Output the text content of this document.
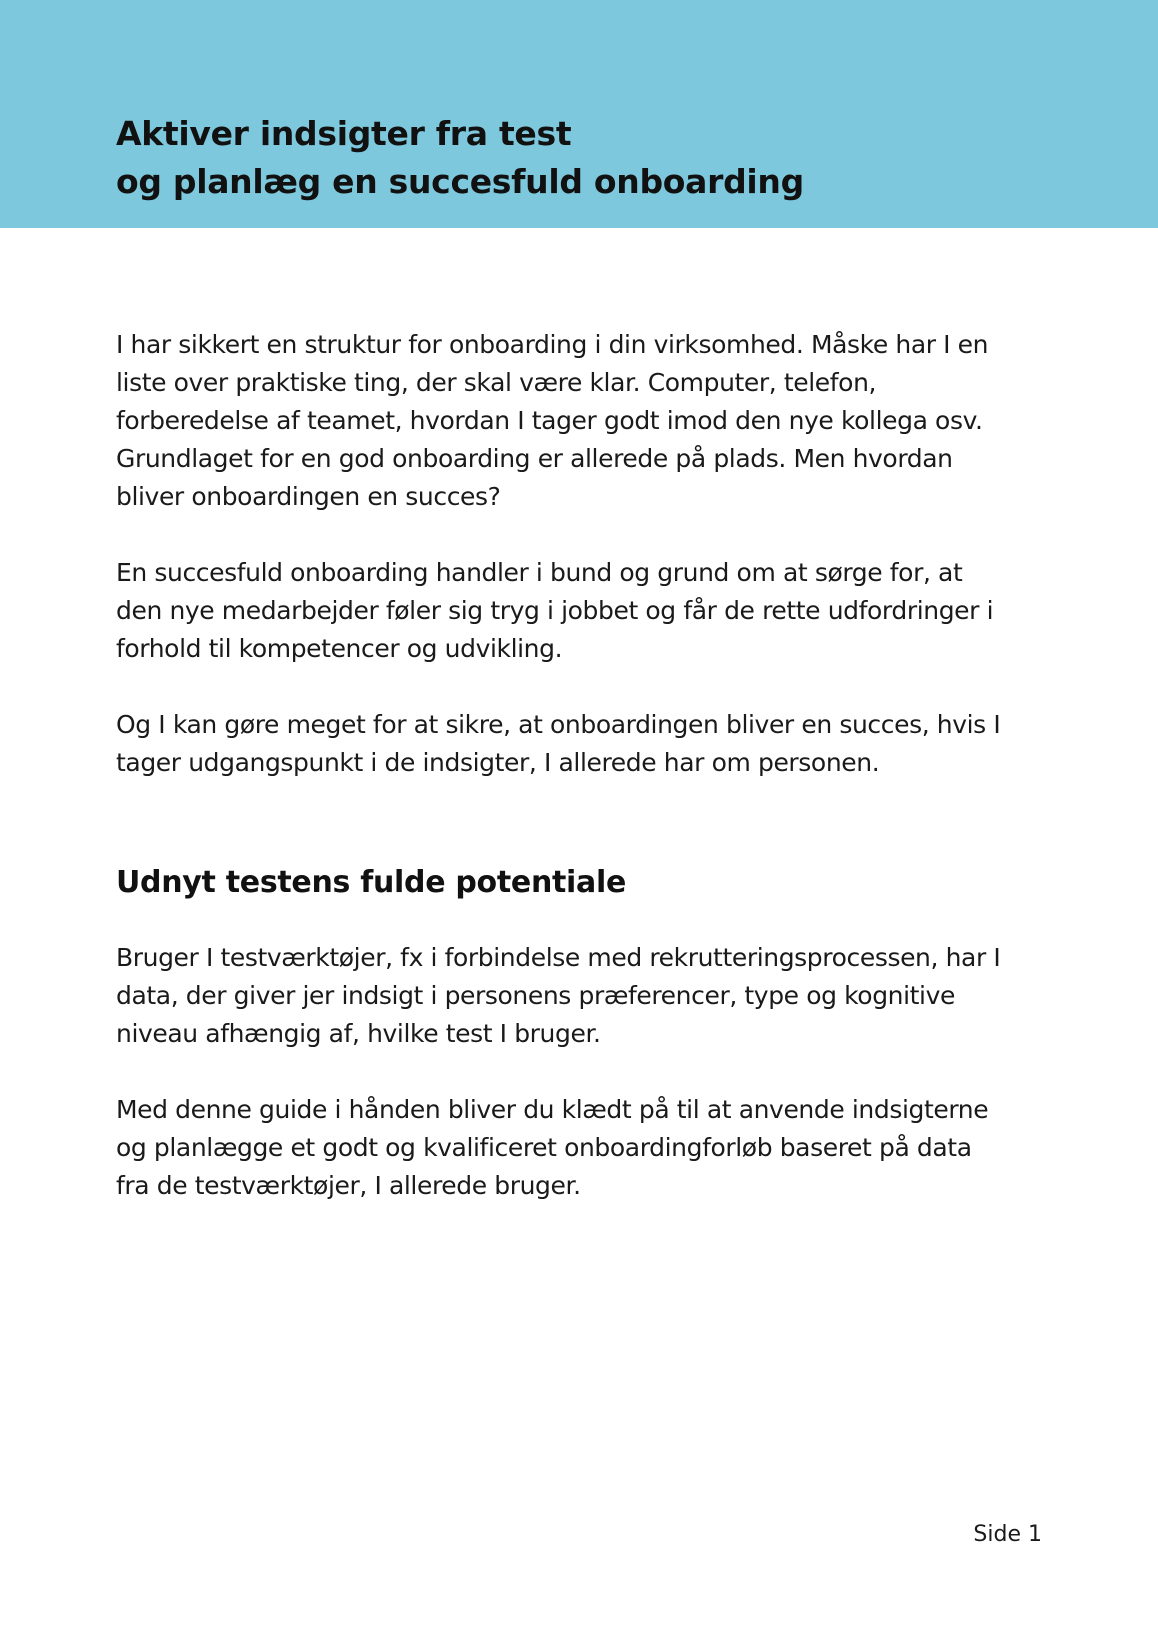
Aktiver indsigter fra test
og planlæg en succesfuld onboarding

I har sikkert en struktur for onboarding i din virksomhed. Måske har I en
liste over praktiske ting, der skal være klar. Computer, telefon,
forberedelse af teamet, hvordan I tager godt imod den nye kollega osv.
Grundlaget for en god onboarding er allerede på plads. Men hvordan
bliver onboardingen en succes?

En succesfuld onboarding handler i bund og grund om at sørge for, at
den nye medarbejder føler sig tryg i jobbet og får de rette udfordringer i
forhold til kompetencer og udvikling.

Og I kan gøre meget for at sikre, at onboardingen bliver en succes, hvis I
tager udgangspunkt i de indsigter, I allerede har om personen.

Udnyt testens fulde potentiale

Bruger I testværktøjer, fx i forbindelse med rekrutteringsprocessen, har I
data, der giver jer indsigt i personens præferencer, type og kognitive
niveau afhængig af, hvilke test I bruger.

Med denne guide i hånden bliver du klædt på til at anvende indsigterne
og planlægge et godt og kvalificeret onboardingforløb baseret på data
fra de testværktøjer, I allerede bruger.

Side 1
